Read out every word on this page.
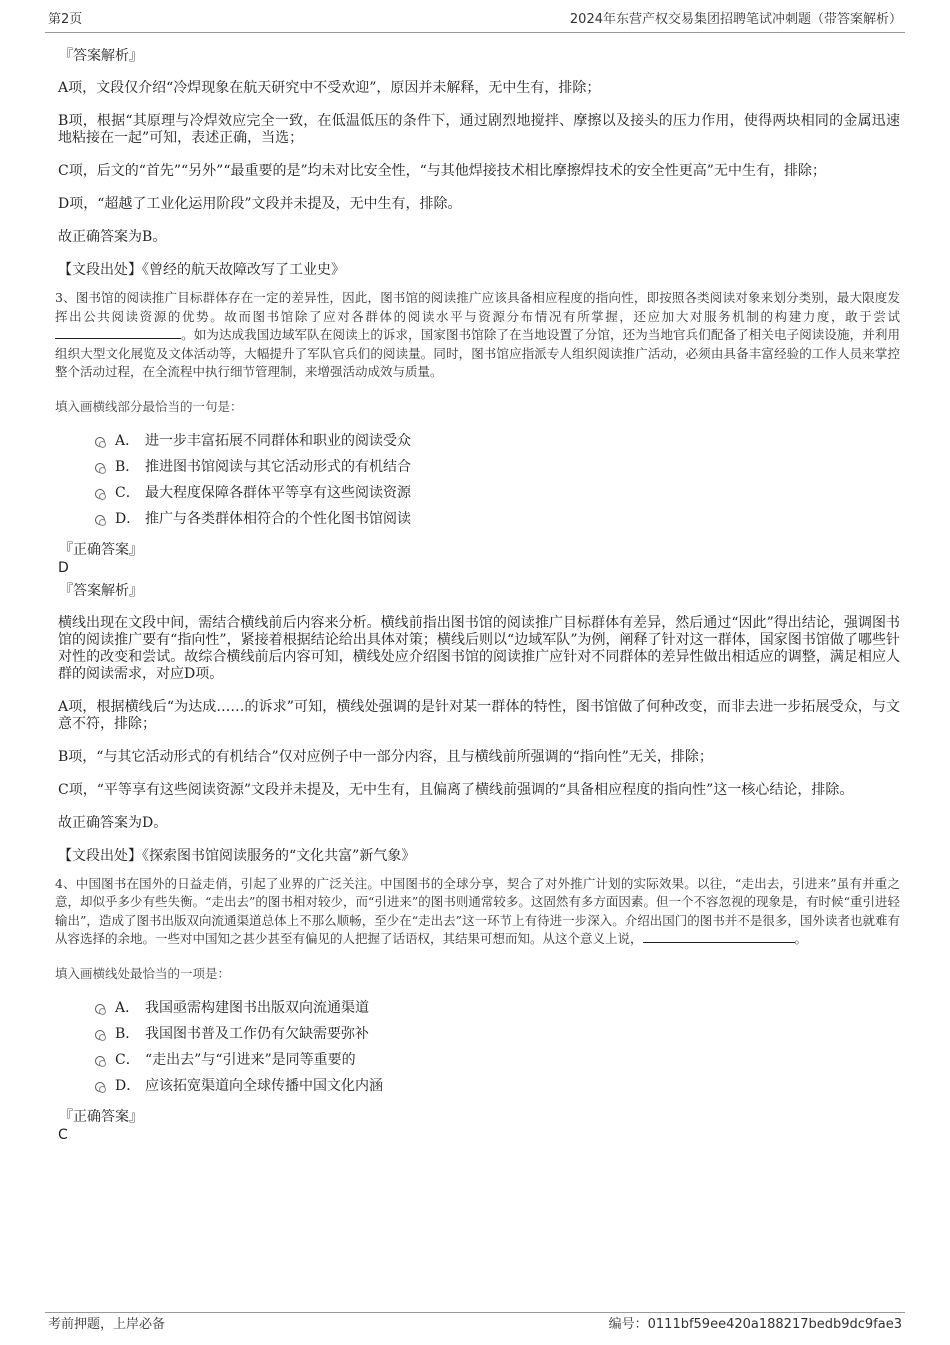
第2页	2024年东营产权交易集团招聘笔试冲刺题（带答案解析）
『答案解析』

A项，文段仅介绍“冷焊现象在航天研究中不受欢迎”，原因并未解释，无中生有，排除；

B项，根据“其原理与冷焊效应完全一致，在低温低压的条件下，通过剧烈地搅拌、摩擦以及接头的压力作用，使得两块相同的金属迅速地粘接在一起”可知，表述正确，当选；

C项，后文的“首先”“另外”“最重要的是”均未对比安全性，“与其他焊接技术相比摩擦焊技术的安全性更高”无中生有，排除；

D项，“超越了工业化运用阶段”文段并未提及，无中生有，排除。

故正确答案为B。

【文段出处】《曾经的航天故障改写了工业史》

3、图书馆的阅读推广目标群体存在一定的差异性，因此，图书馆的阅读推广应该具备相应程度的指向性，即按照各类阅读对象来划分类别，最大限度发挥出公共阅读资源的优势。故而图书馆除了应对各群体的阅读水平与资源分布情况有所掌握，还应加大对服务机制的构建力度，敢于尝试。如为达成我国边域军队在阅读上的诉求，国家图书馆除了在当地设置了分馆，还为当地官兵们配备了相关电子阅读设施，并利用组织大型文化展览及文体活动等，大幅提升了军队官兵们的阅读量。同时，图书馆应指派专人组织阅读推广活动，必须由具备丰富经验的工作人员来掌控整个活动过程，在全流程中执行细节管理制，来增强活动成效与质量。

填入画横线部分最恰当的一句是：

A． 进一步丰富拓展不同群体和职业的阅读受众
B． 推进图书馆阅读与其它活动形式的有机结合
C． 最大程度保障各群体平等享有这些阅读资源
D． 推广与各类群体相符合的个性化图书馆阅读
『正确答案』
D
『答案解析』

横线出现在文段中间，需结合横线前后内容来分析。横线前指出图书馆的阅读推广目标群体有差异，然后通过“因此”得出结论，强调图书馆的阅读推广要有“指向性”，紧接着根据结论给出具体对策；横线后则以“边域军队”为例，阐释了针对这一群体，国家图书馆做了哪些针对性的改变和尝试。故综合横线前后内容可知，横线处应介绍图书馆的阅读推广应针对不同群体的差异性做出相适应的调整，满足相应人群的阅读需求，对应D项。

A项，根据横线后“为达成……的诉求”可知，横线处强调的是针对某一群体的特性，图书馆做了何种改变，而非去进一步拓展受众，与文意不符，排除；

B项，“与其它活动形式的有机结合”仅对应例子中一部分内容，且与横线前所强调的“指向性”无关，排除；

C项，“平等享有这些阅读资源”文段并未提及，无中生有，且偏离了横线前强调的“具备相应程度的指向性”这一核心结论，排除。

故正确答案为D。

【文段出处】《探索图书馆阅读服务的“文化共富”新气象》

4、中国图书在国外的日益走俏，引起了业界的广泛关注。中国图书的全球分享，契合了对外推广计划的实际效果。以往，“走出去，引进来”虽有并重之意，却似乎多少有些失衡。“走出去”的图书相对较少，而“引进来”的图书则通常较多。这固然有多方面因素。但一个不容忽视的现象是，有时候“重引进轻输出”，造成了图书出版双向流通渠道总体上不那么顺畅，至少在“走出去”这一环节上有待进一步深入。介绍出国门的图书并不是很多，国外读者也就难有从容选择的余地。一些对中国知之甚少甚至有偏见的人把握了话语权，其结果可想而知。从这个意义上说，	。

填入画横线处最恰当的一项是：

A． 我国亟需构建图书出版双向流通渠道
B． 我国图书普及工作仍有欠缺需要弥补
C． “走出去”与“引进来”是同等重要的
D． 应该拓宽渠道向全球传播中国文化内涵
『正确答案』
C
考前押题，上岸必备	编号：0111bf59ee420a188217bedb9dc9fae3
